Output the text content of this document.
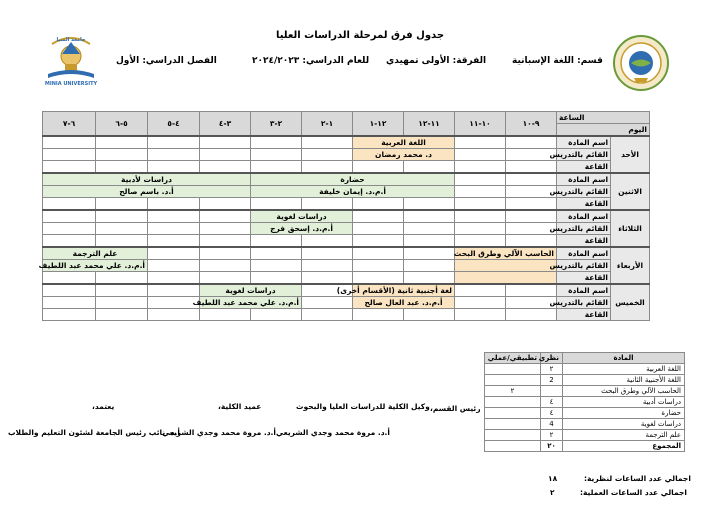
جدول فرق لمرحلة الدراسات العليا
قسم: اللغة الإسبانية
الفرقة: الأولى تمهيدي
للعام الدراسي: ٢٠٢٤/٢٠٢٣
الفصل الدراسي: الأول
جامعة المنيا
MINIA UNIVERSITY
الساعة		٩-١٠	١٠-١١	١١-١٢	١٢-١	١-٢	٢-٣	٣-٤	٤-٥	٥-٦	٦-٧
اليوم											
الأحد	اسم المادة			اللغة العربية							
	القائم بالتدريس			د. محمد رمضان							
	القاعة										
الاثنين	اسم المادة			حضارة				دراسات لأدبية			
	القائم بالتدريس			أ.م.د. إيمان خليفة				أ.د. باسم صالح			
	القاعة										
الثلاثاء	اسم المادة					دراسات لغوية					
	القائم بالتدريس					أ.م.د. إسحق فرج					
	القاعة										
الأربعاء	اسم المادة	الحاسب الآلي وطرق البحث								علم الترجمة	
	القائم بالتدريس									أ.م.د. علي محمد عبد اللطيف	
	القاعة										
الخميس	اسم المادة			لغة أجنبية ثانية (الأقسام أخرى)			دراسات لغوية				
	القائم بالتدريس			أ.م.د. عبد العال صالح			أ.م.د. علي محمد عبد اللطيف				
	القاعة										
المادة	نظري	تطبيقي/عملي
اللغة العربية	٢	
اللغة الأجنبية الثانية	2	
الحاسب الآلي وطرق البحث		٢
دراسات أدبية	٤	
حضارة	٤	
دراسات لغوية	4	
علم الترجمة	٢	
المجموع	٢٠	
رئيس القسم،
وكيل الكلية للدراسات العليا والبحوث
أ.د. مروة محمد وجدي الشريعي
عميد الكلية،
أ.د. مروة محمد وجدي الشريعي
يعتمد،
أ.د. نائب رئيس الجامعة لشئون التعليم والطلاب
اجمالي عدد الساعات لنظرية:
١٨
اجمالي عدد الساعات العملية:
٢
